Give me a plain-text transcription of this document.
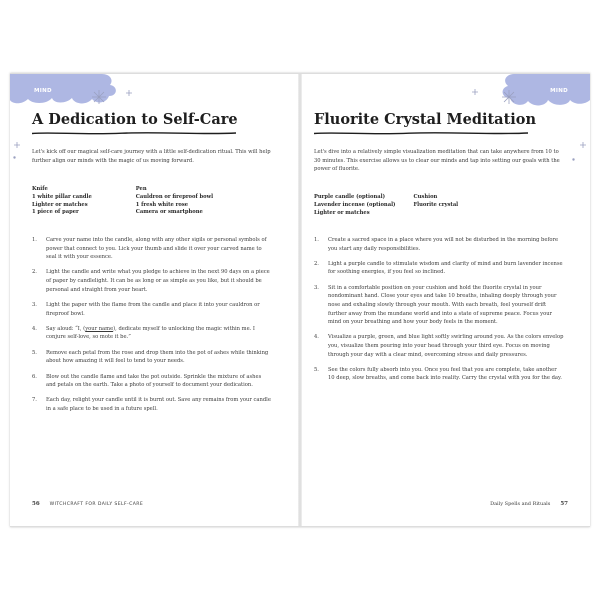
MIND
A Dedication to Self-Care
Let's kick off our magical self-care journey with a little self-dedication ritual. This will help further align our minds with the magic of us moving forward.
Knife
1 white pillar candle
Lighter or matches
1 piece of paper
Pen
Cauldron or fireproof bowl
1 fresh white rose
Camera or smartphone
1. Carve your name into the candle, along with any other sigils or personal symbols of power that connect to you. Lick your thumb and slide it over your carved name to seal it with your essence.
2. Light the candle and write what you pledge to achieve in the next 90 days on a piece of paper by candlelight. It can be as long or as simple as you like, but it should be personal and straight from your heart.
3. Light the paper with the flame from the candle and place it into your cauldron or fireproof bowl.
4. Say aloud: “I, (your name), dedicate myself to unlocking the magic within me. I conjure self-love, so mote it be.”
5. Remove each petal from the rose and drop them into the pot of ashes while thinking about how amazing it will feel to tend to your needs.
6. Blow out the candle flame and take the pot outside. Sprinkle the mixture of ashes and petals on the earth. Take a photo of yourself to document your dedication.
7. Each day, relight your candle until it is burnt out. Save any remains from your candle in a safe place to be used in a future spell.
56 WITCHCRAFT FOR DAILY SELF-CARE
MIND
Fluorite Crystal Meditation
Let's dive into a relatively simple visualization meditation that can take anywhere from 10 to 30 minutes. This exercise allows us to clear our minds and tap into setting our goals with the power of fluorite.
Purple candle (optional)
Lavender incense (optional)
Lighter or matches
Cushion
Fluorite crystal
1. Create a sacred space in a place where you will not be disturbed in the morning before you start any daily responsibilities.
2. Light a purple candle to stimulate wisdom and clarity of mind and burn lavender incense for soothing energies, if you feel so inclined.
3. Sit in a comfortable position on your cushion and hold the fluorite crystal in your nondominant hand. Close your eyes and take 10 breaths, inhaling deeply through your nose and exhaling slowly through your mouth. With each breath, feel yourself drift further away from the mundane world and into a state of supreme peace. Focus your mind on your breathing and how your body feels in the moment.
4. Visualize a purple, green, and blue light softly swirling around you. As the colors envelop you, visualize them pouring into your head through your third eye. Focus on moving through your day with a clear mind, overcoming stress and daily pressures.
5. See the colors fully absorb into you. Once you feel that you are complete, take another 10 deep, slow breaths, and come back into reality. Carry the crystal with you for the day.
Daily Spells and Rituals 57
